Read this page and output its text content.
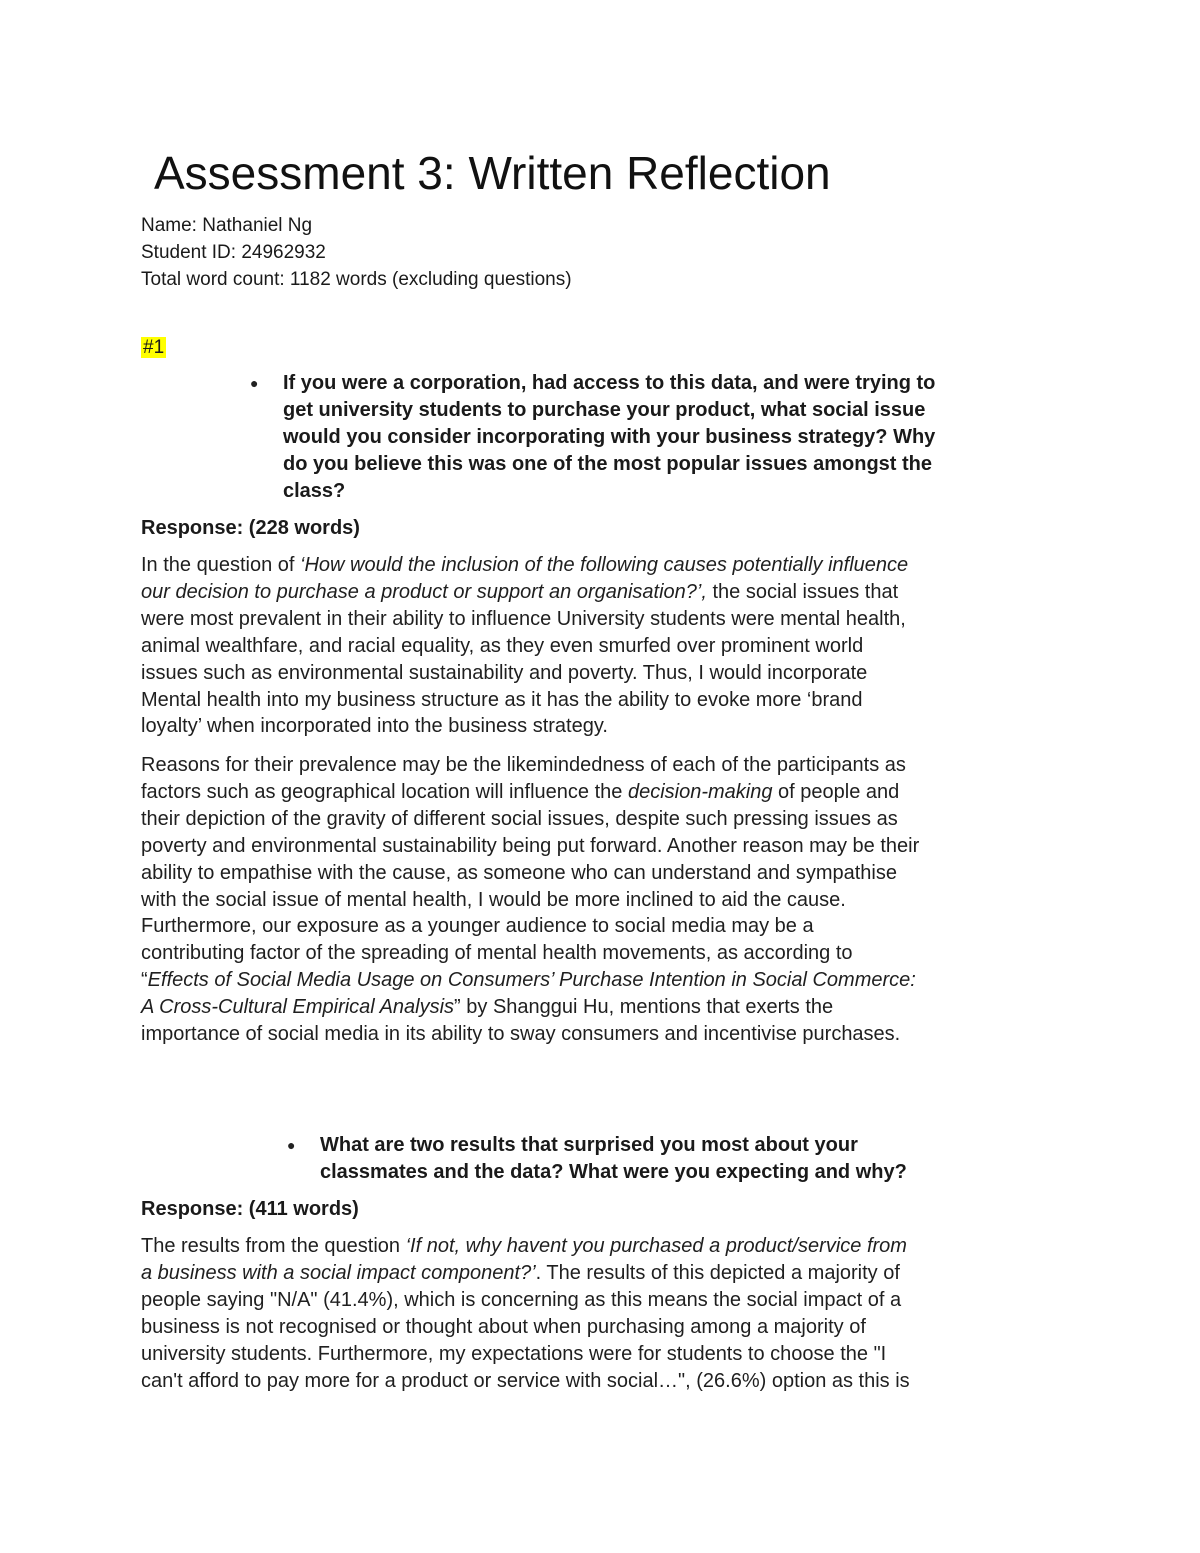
Assessment 3: Written Reflection
Name: Nathaniel Ng
Student ID: 24962932
Total word count: 1182 words (excluding questions)
#1
● If you were a corporation, had access to this data, and were trying to
get university students to purchase your product, what social issue
would you consider incorporating with your business strategy? Why
do you believe this was one of the most popular issues amongst the
class?
Response: (228 words)

In the question of ‘How would the inclusion of the following causes potentially influence
our decision to purchase a product or support an organisation?’, the social issues that
were most prevalent in their ability to influence University students were mental health,
animal wealthfare, and racial equality, as they even smurfed over prominent world
issues such as environmental sustainability and poverty. Thus, I would incorporate
Mental health into my business structure as it has the ability to evoke more ‘brand
loyalty’ when incorporated into the business strategy.

Reasons for their prevalence may be the likemindedness of each of the participants as
factors such as geographical location will influence the decision-making of people and
their depiction of the gravity of different social issues, despite such pressing issues as
poverty and environmental sustainability being put forward. Another reason may be their
ability to empathise with the cause, as someone who can understand and sympathise
with the social issue of mental health, I would be more inclined to aid the cause.
Furthermore, our exposure as a younger audience to social media may be a
contributing factor of the spreading of mental health movements, as according to
“Effects of Social Media Usage on Consumers’ Purchase Intention in Social Commerce:
A Cross-Cultural Empirical Analysis” by Shanggui Hu, mentions that exerts the
importance of social media in its ability to sway consumers and incentivise purchases.

● What are two results that surprised you most about your
classmates and the data? What were you expecting and why?
Response: (411 words)

The results from the question ‘If not, why havent you purchased a product/service from
a business with a social impact component?’. The results of this depicted a majority of
people saying "N/A" (41.4%), which is concerning as this means the social impact of a
business is not recognised or thought about when purchasing among a majority of
university students. Furthermore, my expectations were for students to choose the "I
can't afford to pay more for a product or service with social…", (26.6%) option as this is
